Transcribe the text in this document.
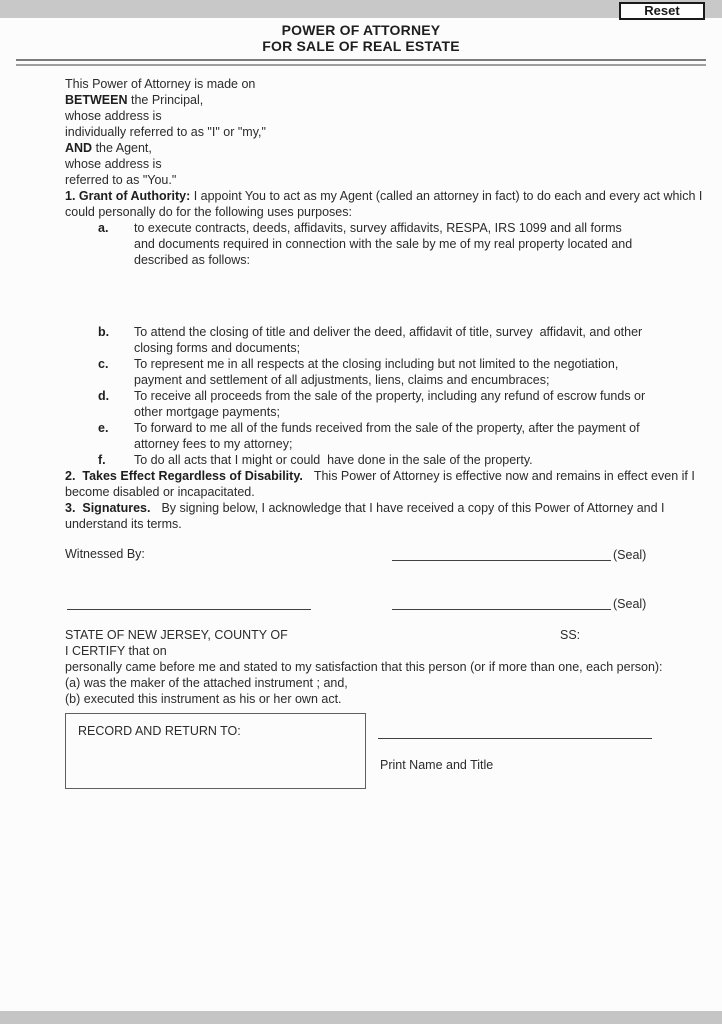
Reset
POWER OF ATTORNEY
FOR SALE OF REAL ESTATE

This Power of Attorney is made on
BETWEEN the Principal,

whose address is

individually referred to as "I" or "my,"
AND the Agent,

whose address is

referred to as "You."

1. Grant of Authority: I appoint You to act as my Agent (called an attorney in fact) to do each and every act which I could personally do for the following uses purposes:

a.	to execute contracts, deeds, affidavits, survey affidavits, RESPA, IRS 1099 and all forms and documents required in connection with the sale by me of my real property located and described as follows:
b.	To attend the closing of title and deliver the deed, affidavit of title, survey  affidavit, and other closing forms and documents;
c.	To represent me in all respects at the closing including but not limited to the negotiation, payment and settlement of all adjustments, liens, claims and encumbraces;
d.	To receive all proceeds from the sale of the property, including any refund of escrow funds or other mortgage payments;
e.	To forward to me all of the funds received from the sale of the property, after the payment of attorney fees to my attorney;
f.	To do all acts that I might or could  have done in the sale of the property.

2.  Takes Effect Regardless of Disability. This Power of Attorney is effective now and remains in effect even if I become disabled or incapacitated.

3.  Signatures. By signing below, I acknowledge that I have received a copy of this Power of Attorney and I understand its terms.

Witnessed By:	(Seal)
(Seal)
STATE OF NEW JERSEY, COUNTY OF	SS:

I CERTIFY that on

personally came before me and stated to my satisfaction that this person (or if more than one, each person):
(a) was the maker of the attached instrument ; and,
(b) executed this instrument as his or her own act.

RECORD AND RETURN TO:
Print Name and Title
